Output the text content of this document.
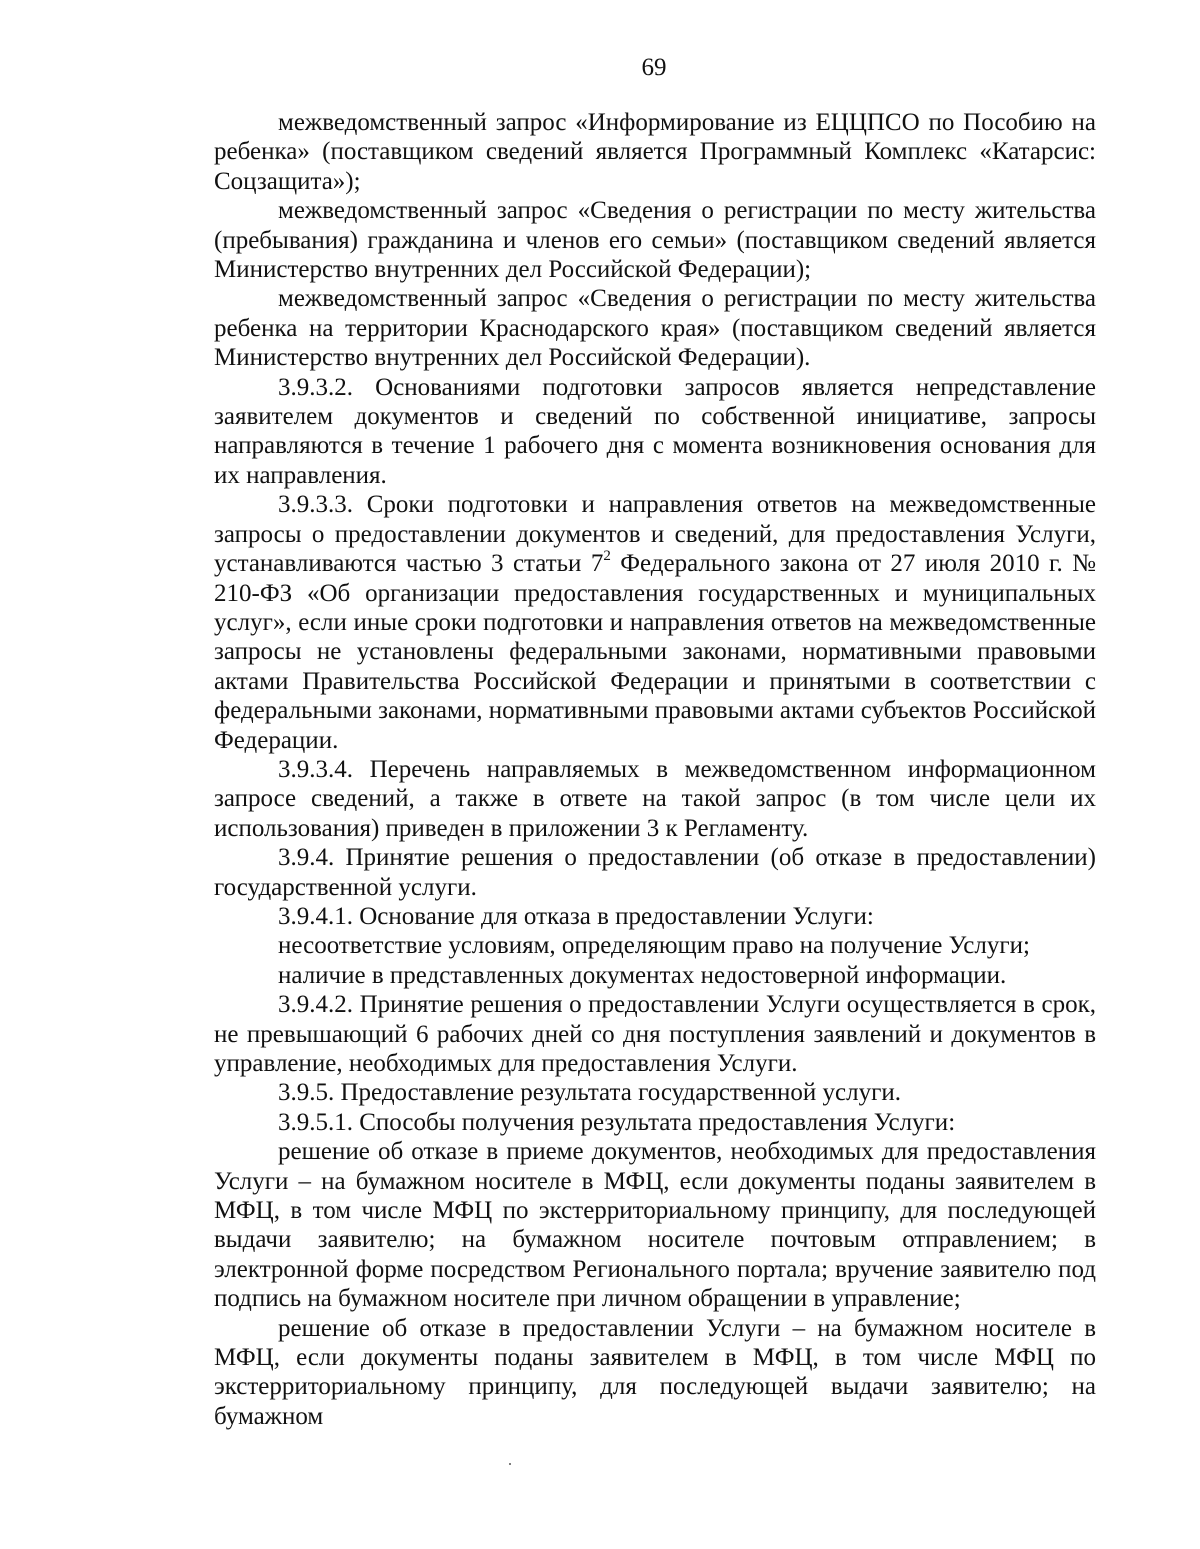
69

межведомственный запрос «Информирование из ЕЦЦПСО по Пособию на ребенка» (поставщиком сведений является Программный Комплекс «Катарсис: Соцзащита»);

межведомственный запрос «Сведения о регистрации по месту жительства (пребывания) гражданина и членов его семьи» (поставщиком сведений является Министерство внутренних дел Российской Федерации);

межведомственный запрос «Сведения о регистрации по месту жительства ребенка на территории Краснодарского края» (поставщиком сведений является Министерство внутренних дел Российской Федерации).

3.9.3.2. Основаниями подготовки запросов является непредставление заявителем документов и сведений по собственной инициативе, запросы направляются в течение 1 рабочего дня с момента возникновения основания для их направления.

3.9.3.3. Сроки подготовки и направления ответов на межведомственные запросы о предоставлении документов и сведений, для предоставления Услуги, устанавливаются частью 3 статьи $7^2$ Федерального закона от 27 июля 2010 г. № 210-ФЗ «Об организации предоставления государственных и муниципальных услуг», если иные сроки подготовки и направления ответов на межведомственные запросы не установлены федеральными законами, нормативными правовыми актами Правительства Российской Федерации и принятыми в соответствии с федеральными законами, нормативными правовыми актами субъектов Российской Федерации.

3.9.3.4. Перечень направляемых в межведомственном информационном запросе сведений, а также в ответе на такой запрос (в том числе цели их использования) приведен в приложении 3 к Регламенту.

3.9.4. Принятие решения о предоставлении (об отказе в предоставлении) государственной услуги.

3.9.4.1. Основание для отказа в предоставлении Услуги:

несоответствие условиям, определяющим право на получение Услуги;

наличие в представленных документах недостоверной информации.

3.9.4.2. Принятие решения о предоставлении Услуги осуществляется в срок, не превышающий 6 рабочих дней со дня поступления заявлений и документов в управление, необходимых для предоставления Услуги.

3.9.5. Предоставление результата государственной услуги.

3.9.5.1. Способы получения результата предоставления Услуги:

решение об отказе в приеме документов, необходимых для предоставления Услуги – на бумажном носителе в МФЦ, если документы поданы заявителем в МФЦ, в том числе МФЦ по экстерриториальному принципу, для последующей выдачи заявителю; на бумажном носителе почтовым отправлением; в электронной форме посредством Регионального портала; вручение заявителю под подпись на бумажном носителе при личном обращении в управление;

решение об отказе в предоставлении Услуги – на бумажном носителе в МФЦ, если документы поданы заявителем в МФЦ, в том числе МФЦ по экстерриториальному принципу, для последующей выдачи заявителю; на бумажном
